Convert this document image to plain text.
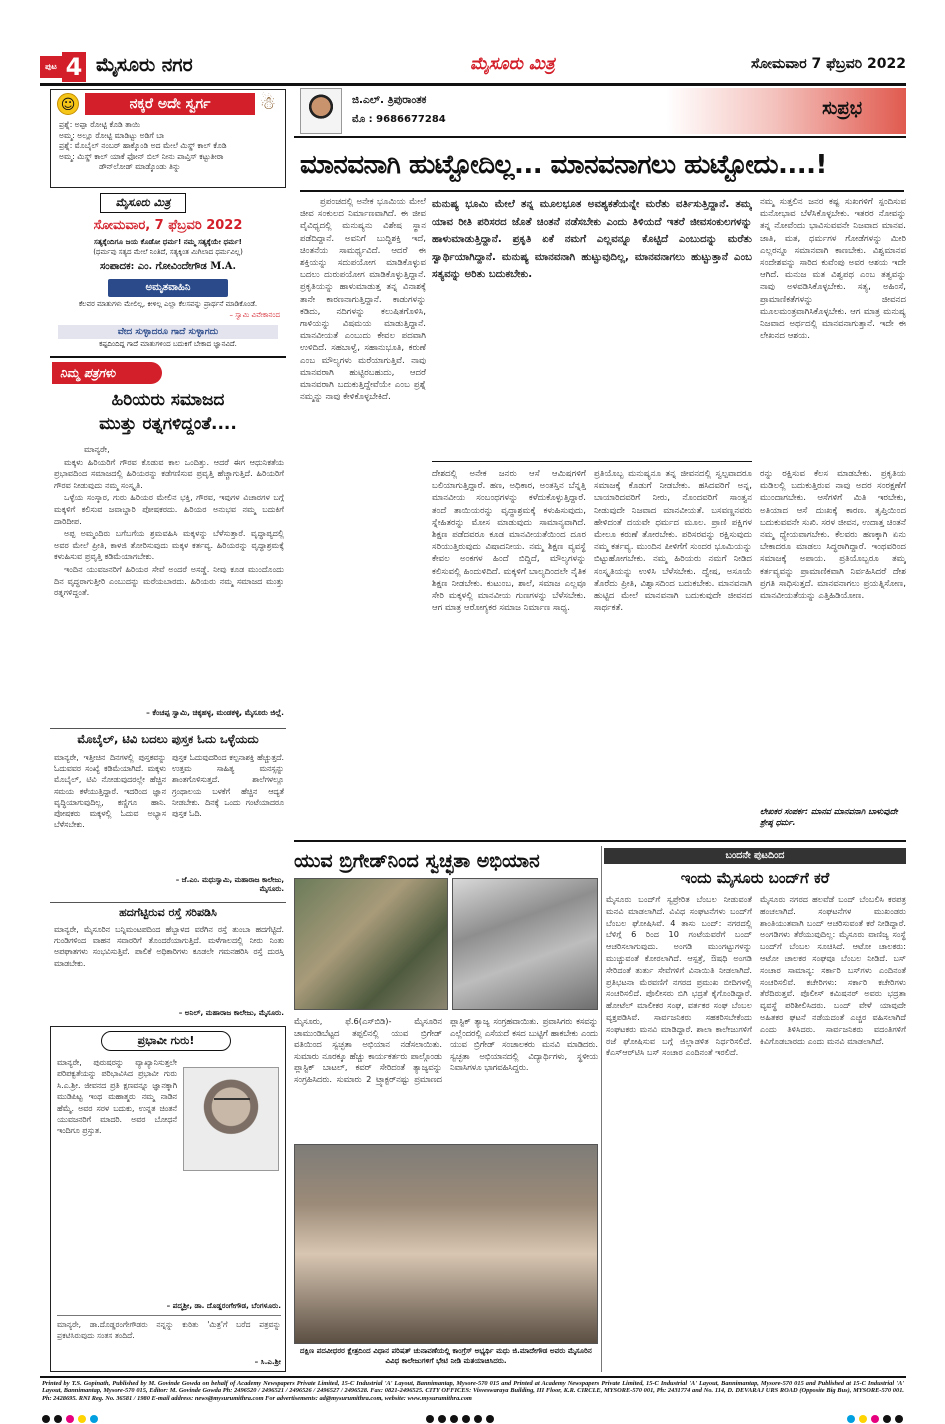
ಪುಟ 4 ಮೈಸೂರು ನಗರ	ಮೈಸೂರು ಮಿತ್ರ	ಸೋಮವಾರ 7 ಫೆಬ್ರವರಿ 2022
☺	ನಕ್ಕರೆ ಅದೇ ಸ್ವರ್ಗ	☃
ಪ್ರಶ್ನೆ: ಅಪ್ಪಾ ರೋಟ್ಟಿ ಕೊಡಿ ತಾಯಿ
ಅಮ್ಮ: ಅಲ್ಲೂ ರೋಟ್ಟಿ ಮಾಡಿಟ್ಟು ಅಡಿಗೆ ಬಾ
ಪ್ರಶ್ನೆ: ಮೊಬೈಲ್ ನಂಬರ್ ಹಾಕ್ಕೊಂಡಿ ಅದ ಮೇಲೆ ಮಿಸ್ಡ್ ಕಾಲ್ ಕೊಡಿ
ಅಮ್ಮ: ಮಿಸ್ಡ್ ಕಾಲ್ ಯಾಕೆ ಫೋನ್ ಬಿಲ್ ನೀನು ಪಾವ್ತಿಸ್ ಕಟ್ಟುತೀರಾ
ಡೌನ್‌ಲೋಡ್ ಮಾಡ್ಕೊಂಡು ತಿನ್ನು
ಮೈಸೂರು ಮಿತ್ರ
ಸೋಮವಾರ, 7 ಫೆಬ್ರವರಿ 2022
ಸತ್ಯಕ್ಕೆಂದಿಗೂ ಜಯ ಕೊಡೋ ಧರ್ಮ! ನಮ್ಮ ಸತ್ಯಕ್ಕೆಯೇ ಧರ್ಮ!
(ಧರ್ಮವು ಸತ್ಯದ ಮೇಲೆ ನಿಂತಿದೆ, ಸತ್ಯಕ್ಕಿಂತ ಮಿಗಿಲಾದ ಧರ್ಮವಿಲ್ಲ)
ಸಂಪಾದಕ: ಎಂ. ಗೋವಿಂದೇಗೌಡ M.A.
ಅಮೃತವಾಹಿನಿ
ಕೆಲವರ ಮಾತುಗಳು ಮೇಲಿಲ್ಲ, ಕೀಳಿಲ್ಲ ಎಲ್ಲಾ ಕೆಲಸವನ್ನು ಪ್ರಾರ್ಥನೆ ಮಾಡಿಕೊಂಡೆ.
– ಸ್ವಾಮಿ ವಿವೇಕಾನಂದ
ವೇದ ಸುಳ್ಳಾದರೂ ಗಾದೆ ಸುಳ್ಳಾಗದು
ಕಷ್ಟದಿಂದಿದ್ದ ಗಾದೆ ಮಾತುಗಳಿಂದ ಬದುಕಿಗೆ ಬೇಕಾದ ಜ್ಞಾನವಿದೆ.
ನಿಮ್ಮ ಪತ್ರಗಳು
ಹಿರಿಯರು ಸಮಾಜದ
ಮುತ್ತು ರತ್ನಗಳಿದ್ದಂತೆ....

ಮಾನ್ಯರೇ,

ಮಕ್ಕಳು ಹಿರಿಯರಿಗೆ ಗೌರವ ಕೊಡುವ ಕಾಲ ಒಂದಿತ್ತು. ಆದರೆ ಈಗ ಆಧುನಿಕತೆಯ ಪ್ರಭಾವದಿಂದ ಸಮಾಜದಲ್ಲಿ ಹಿರಿಯರನ್ನು ಕಡೆಗಣಿಸುವ ಪ್ರವೃತ್ತಿ ಹೆಚ್ಚಾಗುತ್ತಿದೆ. ಹಿರಿಯರಿಗೆ ಗೌರವ ನೀಡುವುದು ನಮ್ಮ ಸಂಸ್ಕೃತಿ.

ಒಳ್ಳೆಯ ಸಂಸ್ಕಾರ, ಗುರು ಹಿರಿಯರ ಮೇಲಿನ ಭಕ್ತಿ, ಗೌರವ, ಇವುಗಳ ವಿಚಾರಗಳ ಬಗ್ಗೆ ಮಕ್ಕಳಿಗೆ ಕಲಿಸುವ ಜವಾಬ್ದಾರಿ ಪೋಷಕರದು. ಹಿರಿಯರ ಅನುಭವ ನಮ್ಮ ಬದುಕಿಗೆ ದಾರಿದೀಪ.

ಅಪ್ಪ ಅಮ್ಮಂದಿರು ಬಗೆಬಗೆಯ ಶ್ರಮವಹಿಸಿ ಮಕ್ಕಳನ್ನು ಬೆಳೆಸುತ್ತಾರೆ. ವೃದ್ಧಾಪ್ಯದಲ್ಲಿ ಅವರ ಮೇಲೆ ಪ್ರೀತಿ, ಕಾಳಜಿ ತೋರಿಸುವುದು ಮಕ್ಕಳ ಕರ್ತವ್ಯ. ಹಿರಿಯರನ್ನು ವೃದ್ಧಾಶ್ರಮಕ್ಕೆ ಕಳುಹಿಸುವ ಪ್ರವೃತ್ತಿ ಕಡಿಮೆಯಾಗಬೇಕು.

ಇಂದಿನ ಯುವಜನರಿಗೆ ಹಿರಿಯರ ಸೇವೆ ಅಂದರೆ ಅಸಡ್ಡೆ. ನೀವು ಕೂಡ ಮುಂದೊಂದು ದಿನ ವೃದ್ಧರಾಗುತ್ತೀರಿ ಎಂಬುದನ್ನು ಮರೆಯಬಾರದು. ಹಿರಿಯರು ನಮ್ಮ ಸಮಾಜದ ಮುತ್ತು ರತ್ನಗಳಿದ್ದಂತೆ.

– ಕೆಂಚಪ್ಪ ಸ್ವಾಮಿ, ಚಿಕ್ಕಹಳ್ಳ, ಮಂಡಕಳ್ಳಿ, ಮೈಸೂರು ಜಿಲ್ಲೆ.
ಮೊಬೈಲ್, ಟಿವಿ ಬದಲು ಪುಸ್ತಕ ಓದು ಒಳ್ಳೆಯದು
ಮಾನ್ಯರೇ, ಇತ್ತೀಚಿನ ದಿನಗಳಲ್ಲಿ ಪುಸ್ತಕವನ್ನು ಓದುವವರ ಸಂಖ್ಯೆ ಕಡಿಮೆಯಾಗಿದೆ. ಮಕ್ಕಳು ಮೊಬೈಲ್, ಟಿವಿ ನೋಡುವುದರಲ್ಲೇ ಹೆಚ್ಚಿನ ಸಮಯ ಕಳೆಯುತ್ತಿದ್ದಾರೆ. ಇದರಿಂದ ಜ್ಞಾನ ವೃದ್ಧಿಯಾಗುವುದಿಲ್ಲ, ಕಣ್ಣಿಗೂ ಹಾನಿ. ಪೋಷಕರು ಮಕ್ಕಳಲ್ಲಿ ಓದುವ ಅಭ್ಯಾಸ ಬೆಳೆಸಬೇಕು.
ಪುಸ್ತಕ ಓದುವುದರಿಂದ ಕಲ್ಪನಾಶಕ್ತಿ ಹೆಚ್ಚುತ್ತದೆ. ಉತ್ತಮ ಸಾಹಿತ್ಯ ಮನಸ್ಸನ್ನು ಶಾಂತಗೊಳಿಸುತ್ತದೆ. ಶಾಲೆಗಳಲ್ಲೂ ಗ್ರಂಥಾಲಯ ಬಳಕೆಗೆ ಹೆಚ್ಚಿನ ಆದ್ಯತೆ ನೀಡಬೇಕು. ದಿನಕ್ಕೆ ಒಂದು ಗಂಟೆಯಾದರೂ ಪುಸ್ತಕ ಓದಿ.
– ಜೆ.ಎಂ. ಮಧುಸ್ವಾಮಿ, ಮಹಾರಾಜ ಕಾಲೇಜು, ಮೈಸೂರು.
ಹದಗೆಟ್ಟಿರುವ ರಸ್ತೆ ಸರಿಪಡಿಸಿ
ಮಾನ್ಯರೇ, ಮೈಸೂರಿನ ಬನ್ನಿಮಂಟಪದಿಂದ ಹೆಬ್ಬಾಳದ ವರೆಗಿನ ರಸ್ತೆ ತುಂಬಾ ಹದಗೆಟ್ಟಿದೆ. ಗುಂಡಿಗಳಿಂದ ವಾಹನ ಸವಾರರಿಗೆ ತೊಂದರೆಯಾಗುತ್ತಿದೆ. ಮಳೆಗಾಲದಲ್ಲಿ ನೀರು ನಿಂತು ಅಪಘಾತಗಳು ಸಂಭವಿಸುತ್ತಿವೆ. ಪಾಲಿಕೆ ಅಧಿಕಾರಿಗಳು ಕೂಡಲೇ ಗಮನಹರಿಸಿ ರಸ್ತೆ ದುರಸ್ತಿ ಮಾಡಬೇಕು.
– ಅನಿಲ್, ಮಹಾರಾಜ ಕಾಲೇಜು, ಮೈಸೂರು.
ಪ್ರಭಾವೀ ಗುರು!
ಮಾನ್ಯರೇ, ಪುರುಷರನ್ನು ವ್ಯಾಖ್ಯಾನಿಸುತ್ತಲೇ ಪರಿಪಕ್ವತೆಯನ್ನು ಪರಿಭಾವಿಸಿದ ಪ್ರಭಾವೀ ಗುರು ಸಿ.ಎ.ಶ್ರೀ. ಜೀವನದ ಪ್ರತಿ ಕ್ಷಣವನ್ನೂ ಜ್ಞಾನಕ್ಕಾಗಿ ಮುಡಿಪಿಟ್ಟ ಇಂಥ ಮಹಾತ್ಮರು ನಮ್ಮ ನಾಡಿನ ಹೆಮ್ಮೆ. ಅವರ ಸರಳ ಬದುಕು, ಉನ್ನತ ಚಿಂತನೆ ಯುವಜನರಿಗೆ ಮಾದರಿ. ಅವರ ಬೋಧನೆ ಇಂದಿಗೂ ಪ್ರಸ್ತುತ.
– ಪದ್ಮಶ್ರೀ, ಡಾ. ದೊಡ್ಡರಂಗೇಗೌಡ, ಬೆಂಗಳೂರು.
ಮಾನ್ಯರೇ, ಡಾ.ದೊಡ್ಡರಂಗೇಗೌಡರು ನನ್ನನ್ನು ಕುರಿತು 'ಮಿತ್ರ'ಗೆ ಬರೆದ ಪತ್ರವನ್ನು ಪ್ರಕಟಿಸಿರುವುದು ಸಂತಸ ತಂದಿದೆ.
– ಸಿ.ಎ.ಶ್ರೀ
ಜಿ.ಎಲ್. ತ್ರಿಪುರಾಂತಕ
ಮೊ : 9686677284
ಸುಪ್ರಭ
ಮಾನವನಾಗಿ ಹುಟ್ಟೋದಿಲ್ಲ... ಮಾನವನಾಗಲು ಹುಟ್ಟೋದು....!
ಪ್ರಪಂಚದಲ್ಲಿ ಅನೇಕ ಭೂಮಿಯ ಮೇಲೆ ಜೀವ ಸಂಕುಲದ ನಿರ್ಮಾಣವಾಗಿದೆ. ಈ ಜೀವ ವೈವಿಧ್ಯದಲ್ಲಿ ಮನುಷ್ಯನು ವಿಶೇಷ ಸ್ಥಾನ ಪಡೆದಿದ್ದಾನೆ. ಅವನಿಗೆ ಬುದ್ಧಿಶಕ್ತಿ ಇದೆ, ಚಿಂತನೆಯ ಸಾಮರ್ಥ್ಯವಿದೆ. ಆದರೆ ಈ ಶಕ್ತಿಯನ್ನು ಸದುಪಯೋಗ ಮಾಡಿಕೊಳ್ಳುವ ಬದಲು ದುರುಪಯೋಗ ಮಾಡಿಕೊಳ್ಳುತ್ತಿದ್ದಾನೆ. ಪ್ರಕೃತಿಯನ್ನು ಹಾಳುಮಾಡುತ್ತ ತನ್ನ ವಿನಾಶಕ್ಕೆ ತಾನೇ ಕಾರಣನಾಗುತ್ತಿದ್ದಾನೆ. ಕಾಡುಗಳನ್ನು ಕಡಿದು, ನದಿಗಳನ್ನು ಕಲುಷಿತಗೊಳಿಸಿ, ಗಾಳಿಯನ್ನು ವಿಷಮಯ ಮಾಡುತ್ತಿದ್ದಾನೆ. ಮಾನವೀಯತೆ ಎಂಬುದು ಕೇವಲ ಪದವಾಗಿ ಉಳಿದಿದೆ. ಸಹಬಾಳ್ವೆ, ಸಹಾನುಭೂತಿ, ಕರುಣೆ ಎಂಬ ಮೌಲ್ಯಗಳು ಮರೆಯಾಗುತ್ತಿವೆ. ನಾವು ಮಾನವರಾಗಿ ಹುಟ್ಟಿರಬಹುದು, ಆದರೆ ಮಾನವರಾಗಿ ಬದುಕುತ್ತಿದ್ದೇವೆಯೇ ಎಂಬ ಪ್ರಶ್ನೆ ನಮ್ಮನ್ನು ನಾವು ಕೇಳಿಕೊಳ್ಳಬೇಕಿದೆ.
ಮನುಷ್ಯ ಭೂಮಿ ಮೇಲೆ ತನ್ನ ಮೂಲಭೂತ ಅವಶ್ಯಕತೆಯನ್ನೇ ಮರೆತು ವರ್ತಿಸುತ್ತಿದ್ದಾನೆ. ತಮ್ಮ ಯಾವ ರೀತಿ ಪರಿಸರದ ಜೊತೆ ಚಿಂತನೆ ನಡೆಸಬೇಕು ಎಂದು ತಿಳಿಯದೆ ಇತರೆ ಜೀವಸಂಕುಲಗಳನ್ನು ಹಾಳುಮಾಡುತ್ತಿದ್ದಾನೆ. ಪ್ರಕೃತಿ ಏಕೆ ನಮಗೆ ಎಲ್ಲವನ್ನೂ ಕೊಟ್ಟಿದೆ ಎಂಬುದನ್ನು ಮರೆತು ಸ್ವಾರ್ಥಿಯಾಗಿದ್ದಾನೆ. ಮನುಷ್ಯ ಮಾನವನಾಗಿ ಹುಟ್ಟುವುದಿಲ್ಲ, ಮಾನವನಾಗಲು ಹುಟ್ಟುತ್ತಾನೆ ಎಂಬ ಸತ್ಯವನ್ನು ಅರಿತು ಬದುಕಬೇಕು.
ದೇಶದಲ್ಲಿ ಅನೇಕ ಜನರು ಆಸೆ ಆಮಿಷಗಳಿಗೆ ಬಲಿಯಾಗುತ್ತಿದ್ದಾರೆ. ಹಣ, ಅಧಿಕಾರ, ಅಂತಸ್ತಿನ ಬೆನ್ನತ್ತಿ ಮಾನವೀಯ ಸಂಬಂಧಗಳನ್ನು ಕಳೆದುಕೊಳ್ಳುತ್ತಿದ್ದಾರೆ. ತಂದೆ ತಾಯಿಯರನ್ನು ವೃದ್ಧಾಶ್ರಮಕ್ಕೆ ಕಳುಹಿಸುವುದು, ಸ್ನೇಹಿತರನ್ನು ಮೋಸ ಮಾಡುವುದು ಸಾಮಾನ್ಯವಾಗಿದೆ. ಶಿಕ್ಷಣ ಪಡೆದವರೂ ಕೂಡ ಮಾನವೀಯತೆಯಿಂದ ದೂರ ಸರಿಯುತ್ತಿರುವುದು ವಿಷಾದನೀಯ. ನಮ್ಮ ಶಿಕ್ಷಣ ವ್ಯವಸ್ಥೆ ಕೇವಲ ಅಂಕಗಳ ಹಿಂದೆ ಬಿದ್ದಿದೆ, ಮೌಲ್ಯಗಳನ್ನು ಕಲಿಸುವಲ್ಲಿ ಹಿಂದುಳಿದಿದೆ. ಮಕ್ಕಳಿಗೆ ಬಾಲ್ಯದಿಂದಲೇ ನೈತಿಕ ಶಿಕ್ಷಣ ನೀಡಬೇಕು. ಕುಟುಂಬ, ಶಾಲೆ, ಸಮಾಜ ಎಲ್ಲವೂ ಸೇರಿ ಮಕ್ಕಳಲ್ಲಿ ಮಾನವೀಯ ಗುಣಗಳನ್ನು ಬೆಳೆಸಬೇಕು. ಆಗ ಮಾತ್ರ ಆರೋಗ್ಯಕರ ಸಮಾಜ ನಿರ್ಮಾಣ ಸಾಧ್ಯ.
ಪ್ರತಿಯೊಬ್ಬ ಮನುಷ್ಯನೂ ತನ್ನ ಜೀವನದಲ್ಲಿ ಸ್ವಲ್ಪವಾದರೂ ಸಮಾಜಕ್ಕೆ ಕೊಡುಗೆ ನೀಡಬೇಕು. ಹಸಿದವರಿಗೆ ಅನ್ನ, ಬಾಯಾರಿದವರಿಗೆ ನೀರು, ನೊಂದವರಿಗೆ ಸಾಂತ್ವನ ನೀಡುವುದೇ ನಿಜವಾದ ಮಾನವೀಯತೆ. ಬಸವಣ್ಣನವರು ಹೇಳಿದಂತೆ ದಯವೇ ಧರ್ಮದ ಮೂಲ. ಪ್ರಾಣಿ ಪಕ್ಷಿಗಳ ಮೇಲೂ ಕರುಣೆ ತೋರಬೇಕು. ಪರಿಸರವನ್ನು ರಕ್ಷಿಸುವುದು ನಮ್ಮ ಕರ್ತವ್ಯ. ಮುಂದಿನ ಪೀಳಿಗೆಗೆ ಸುಂದರ ಭೂಮಿಯನ್ನು ಬಿಟ್ಟುಹೋಗಬೇಕು. ನಮ್ಮ ಹಿರಿಯರು ನಮಗೆ ನೀಡಿದ ಸಂಸ್ಕೃತಿಯನ್ನು ಉಳಿಸಿ ಬೆಳೆಸಬೇಕು. ದ್ವೇಷ, ಅಸೂಯೆ ತೊರೆದು ಪ್ರೀತಿ, ವಿಶ್ವಾಸದಿಂದ ಬದುಕಬೇಕು. ಮಾನವನಾಗಿ ಹುಟ್ಟಿದ ಮೇಲೆ ಮಾನವನಾಗಿ ಬದುಕುವುದೇ ಜೀವನದ ಸಾರ್ಥಕತೆ.
ನಮ್ಮ ಸುತ್ತಲಿನ ಜನರ ಕಷ್ಟ ಸುಖಗಳಿಗೆ ಸ್ಪಂದಿಸುವ ಮನೋಭಾವ ಬೆಳೆಸಿಕೊಳ್ಳಬೇಕು. ಇತರರ ನೋವನ್ನು ತನ್ನ ನೋವೆಂದು ಭಾವಿಸುವವನೇ ನಿಜವಾದ ಮಾನವ. ಜಾತಿ, ಮತ, ಧರ್ಮಗಳ ಗೋಡೆಗಳನ್ನು ಮೀರಿ ಎಲ್ಲರನ್ನೂ ಸಮಾನವಾಗಿ ಕಾಣಬೇಕು. ವಿಶ್ವಮಾನವ ಸಂದೇಶವನ್ನು ಸಾರಿದ ಕುವೆಂಪು ಅವರ ಆಶಯ ಇದೇ ಆಗಿದೆ. ಮನುಜ ಮತ ವಿಶ್ವಪಥ ಎಂಬ ತತ್ವವನ್ನು ನಾವು ಅಳವಡಿಸಿಕೊಳ್ಳಬೇಕು. ಸತ್ಯ, ಅಹಿಂಸೆ, ಪ್ರಾಮಾಣಿಕತೆಗಳನ್ನು ಜೀವನದ ಮೂಲಮಂತ್ರವಾಗಿಸಿಕೊಳ್ಳಬೇಕು. ಆಗ ಮಾತ್ರ ಮನುಷ್ಯ ನಿಜವಾದ ಅರ್ಥದಲ್ಲಿ ಮಾನವನಾಗುತ್ತಾನೆ. ಇದೇ ಈ ಲೇಖನದ ಆಶಯ.
ರನ್ನು ರಕ್ಷಿಸುವ ಕೆಲಸ ಮಾಡಬೇಕು. ಪ್ರಕೃತಿಯ ಮಡಿಲಲ್ಲಿ ಬದುಕುತ್ತಿರುವ ನಾವು ಅದರ ಸಂರಕ್ಷಣೆಗೆ ಮುಂದಾಗಬೇಕು. ಆಸೆಗಳಿಗೆ ಮಿತಿ ಇರಬೇಕು, ಅತಿಯಾದ ಆಸೆ ದುಃಖಕ್ಕೆ ಕಾರಣ. ತೃಪ್ತಿಯಿಂದ ಬದುಕುವವನೇ ಸುಖಿ. ಸರಳ ಜೀವನ, ಉದಾತ್ತ ಚಿಂತನೆ ನಮ್ಮ ಧ್ಯೇಯವಾಗಬೇಕು. ಕೆಲವರು ಹಣಕ್ಕಾಗಿ ಏನು ಬೇಕಾದರೂ ಮಾಡಲು ಸಿದ್ಧರಾಗಿದ್ದಾರೆ. ಇಂಥವರಿಂದ ಸಮಾಜಕ್ಕೆ ಅಪಾಯ. ಪ್ರತಿಯೊಬ್ಬರೂ ತಮ್ಮ ಕರ್ತವ್ಯವನ್ನು ಪ್ರಾಮಾಣಿಕವಾಗಿ ನಿರ್ವಹಿಸಿದರೆ ದೇಶ ಪ್ರಗತಿ ಸಾಧಿಸುತ್ತದೆ. ಮಾನವನಾಗಲು ಪ್ರಯತ್ನಿಸೋಣ, ಮಾನವೀಯತೆಯನ್ನು ಎತ್ತಿಹಿಡಿಯೋಣ.
ಲೇಖಕರ ಸಂಪರ್ಕ: ಮಾನವ ಮಾನವನಾಗಿ ಬಾಳುವುದೇ ಶ್ರೇಷ್ಠ ಧರ್ಮ.
ಯುವ ಬ್ರಿಗೇಡ್‌ನಿಂದ ಸ್ವಚ್ಛತಾ ಅಭಿಯಾನ
ಮೈಸೂರು, ಫೆ.6(ಎಸ್‌ಬಿಡಿ)- ಮೈಸೂರಿನ ಚಾಮುಂಡಿಬೆಟ್ಟದ ತಪ್ಪಲಿನಲ್ಲಿ ಯುವ ಬ್ರಿಗೇಡ್ ವತಿಯಿಂದ ಸ್ವಚ್ಛತಾ ಅಭಿಯಾನ ನಡೆಸಲಾಯಿತು. ಸುಮಾರು ನೂರಕ್ಕೂ ಹೆಚ್ಚು ಕಾರ್ಯಕರ್ತರು ಪಾಲ್ಗೊಂಡು ಪ್ಲಾಸ್ಟಿಕ್ ಬಾಟಲ್, ಕವರ್ ಸೇರಿದಂತೆ ತ್ಯಾಜ್ಯವನ್ನು ಸಂಗ್ರಹಿಸಿದರು. ಸುಮಾರು 2 ಟ್ರ್ಯಾಕ್ಟರ್‌ನಷ್ಟು ಪ್ರಮಾಣದ ಪ್ಲಾಸ್ಟಿಕ್ ತ್ಯಾಜ್ಯ ಸಂಗ್ರಹವಾಯಿತು. ಪ್ರವಾಸಿಗರು ಕಸವನ್ನು ಎಲ್ಲೆಂದರಲ್ಲಿ ಎಸೆಯದೆ ಕಸದ ಬುಟ್ಟಿಗೆ ಹಾಕಬೇಕು ಎಂದು ಯುವ ಬ್ರಿಗೇಡ್ ಸಂಚಾಲಕರು ಮನವಿ ಮಾಡಿದರು. ಸ್ವಚ್ಛತಾ ಅಭಿಯಾನದಲ್ಲಿ ವಿದ್ಯಾರ್ಥಿಗಳು, ಸ್ಥಳೀಯ ನಿವಾಸಿಗಳೂ ಭಾಗವಹಿಸಿದ್ದರು.
ದಕ್ಷಿಣ ಪದವೀಧರರ ಕ್ಷೇತ್ರದಿಂದ ವಿಧಾನ ಪರಿಷತ್ ಚುನಾವಣೆಯಲ್ಲಿ ಕಾಂಗ್ರೆಸ್ ಅಭ್ಯರ್ಥಿ ಮಧು ಜಿ.ಮಾದೇಗೌಡ ಅವರು ಮೈಸೂರಿನ ವಿವಿಧ ಕಾಲೇಜುಗಳಿಗೆ ಭೇಟಿ ನೀಡಿ ಮತಯಾಚಿಸಿದರು.
ಬಂದನೇ ಪುಟದಿಂದ
ಇಂದು ಮೈಸೂರು ಬಂದ್‌ಗೆ ಕರೆ
ಮೈಸೂರು ಬಂದ್‌ಗೆ ಸ್ವಪ್ರೇರಿತ ಬೆಂಬಲ ನೀಡುವಂತೆ ಮನವಿ ಮಾಡಲಾಗಿದೆ. ವಿವಿಧ ಸಂಘಟನೆಗಳು ಬಂದ್‌ಗೆ ಬೆಂಬಲ ಘೋಷಿಸಿವೆ. 4 ತಾಸು ಬಂದ್: ನಗರದಲ್ಲಿ ಬೆಳಿಗ್ಗೆ 6 ರಿಂದ 10 ಗಂಟೆಯವರೆಗೆ ಬಂದ್ ಆಚರಿಸಲಾಗುವುದು. ಅಂಗಡಿ ಮುಂಗಟ್ಟುಗಳನ್ನು ಮುಚ್ಚುವಂತೆ ಕೋರಲಾಗಿದೆ. ಆಸ್ಪತ್ರೆ, ಔಷಧಿ ಅಂಗಡಿ ಸೇರಿದಂತೆ ತುರ್ತು ಸೇವೆಗಳಿಗೆ ವಿನಾಯಿತಿ ನೀಡಲಾಗಿದೆ. ಪ್ರತಿಭಟನಾ ಮೆರವಣಿಗೆ ನಗರದ ಪ್ರಮುಖ ಬೀದಿಗಳಲ್ಲಿ ಸಂಚರಿಸಲಿದೆ. ಪೊಲೀಸರು ಬಿಗಿ ಭದ್ರತೆ ಕೈಗೊಂಡಿದ್ದಾರೆ. ಹೋಟೆಲ್ ಮಾಲೀಕರ ಸಂಘ, ವರ್ತಕರ ಸಂಘ ಬೆಂಬಲ ವ್ಯಕ್ತಪಡಿಸಿವೆ. ಸಾರ್ವಜನಿಕರು ಸಹಕರಿಸಬೇಕೆಂದು ಸಂಘಟಕರು ಮನವಿ ಮಾಡಿದ್ದಾರೆ. ಶಾಲಾ ಕಾಲೇಜುಗಳಿಗೆ ರಜೆ ಘೋಷಿಸುವ ಬಗ್ಗೆ ಜಿಲ್ಲಾಡಳಿತ ನಿರ್ಧರಿಸಲಿದೆ. ಕೆಎಸ್‌ಆರ್‌ಟಿಸಿ ಬಸ್ ಸಂಚಾರ ಎಂದಿನಂತೆ ಇರಲಿದೆ.
ಮೈಸೂರು ನಗರದ ಹಲವೆಡೆ ಬಂದ್ ಬೆಂಬಲಿಸಿ ಕರಪತ್ರ ಹಂಚಲಾಗಿದೆ. ಸಂಘಟನೆಗಳ ಮುಖಂಡರು ಶಾಂತಿಯುತವಾಗಿ ಬಂದ್ ಆಚರಿಸುವಂತೆ ಕರೆ ನೀಡಿದ್ದಾರೆ. ಅಂಗಡಿಗಳು ತೆರೆಯುವುದಿಲ್ಲ: ಮೈಸೂರು ವಾಣಿಜ್ಯ ಸಂಸ್ಥೆ ಬಂದ್‌ಗೆ ಬೆಂಬಲ ಸೂಚಿಸಿದೆ. ಆಟೋ ಚಾಲಕರು: ಆಟೋ ಚಾಲಕರ ಸಂಘವೂ ಬೆಂಬಲ ನೀಡಿದೆ. ಬಸ್ ಸಂಚಾರ ಸಾಮಾನ್ಯ: ಸರ್ಕಾರಿ ಬಸ್‌ಗಳು ಎಂದಿನಂತೆ ಸಂಚರಿಸಲಿವೆ. ಕಚೇರಿಗಳು: ಸರ್ಕಾರಿ ಕಚೇರಿಗಳು ತೆರೆದಿರುತ್ತವೆ. ಪೊಲೀಸ್ ಕಮಿಷನರ್ ಅವರು ಭದ್ರತಾ ವ್ಯವಸ್ಥೆ ಪರಿಶೀಲಿಸಿದರು. ಬಂದ್ ವೇಳೆ ಯಾವುದೇ ಅಹಿತಕರ ಘಟನೆ ನಡೆಯದಂತೆ ಎಚ್ಚರ ವಹಿಸಲಾಗಿದೆ ಎಂದು ತಿಳಿಸಿದರು. ಸಾರ್ವಜನಿಕರು ವದಂತಿಗಳಿಗೆ ಕಿವಿಗೊಡಬಾರದು ಎಂದು ಮನವಿ ಮಾಡಲಾಗಿದೆ.
Printed by T.S. Gopinath, Published by M. Govinde Gowda on behalf of Academy Newspapers Private Limited, 15-C Industrial 'A' Layout, Bannimantap, Mysore-570 015 and Printed at Academy Newspapers Private Limited, 15-C Industrial 'A' Layout, Bannimantap, Mysore-570 015 and Published at 15-C Industrial 'A' Layout, Bannimantap, Mysore-570 015, Editor: M. Govinde Gowda Ph: 2496520 / 2496521 / 2496526 / 2496527 / 2496528. Fax: 0821-2496525. CITY OFFICES: Visveswaraya Building, III Floor, K.R. CIRCLE, MYSORE-570 001, Ph: 2431774 and No. 114, D. DEVARAJ URS ROAD (Opposite Big Bus), MYSORE-570 001. Ph: 2428695. RNI Reg. No. 36581 / 1980 E-mail address: news@mysurumithra.com For advertisements: ad@mysurumithra.com, website: www.mysurumithra.com
